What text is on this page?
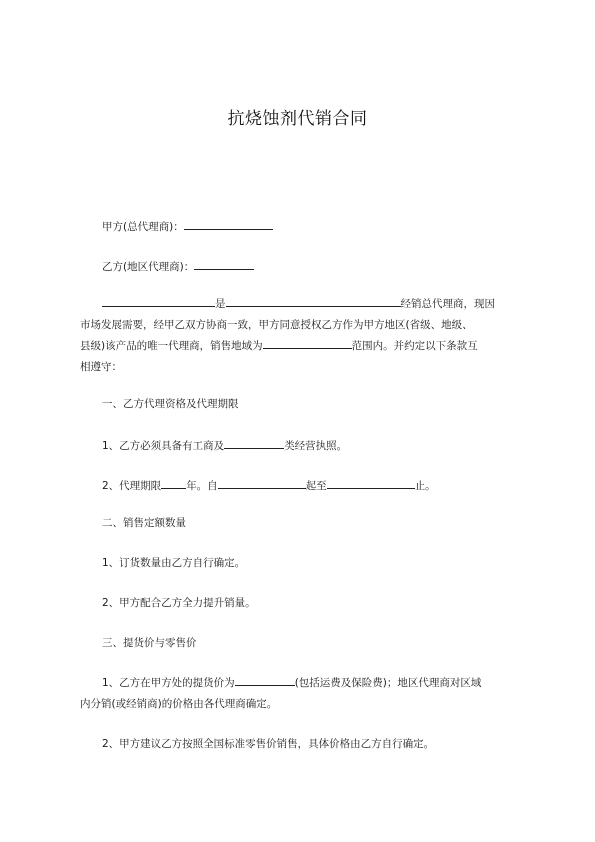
抗烧蚀剂代销合同
甲方(总代理商)：
乙方(地区代理商)：
是	经销总代理商，现因
市场发展需要，经甲乙双方协商一致，甲方同意授权乙方作为甲方地区(省级、地级、
县级)该产品的唯一代理商，销售地域为	范围内。并约定以下条款互
相遵守：
一、乙方代理资格及代理期限
1、乙方必须具备有工商及	类经营执照。
2、代理期限 年。自	起至	止。
二、销售定额数量
1、订货数量由乙方自行确定。
2、甲方配合乙方全力提升销量。
三、提货价与零售价
1、乙方在甲方处的提货价为	(包括运费及保险费)；地区代理商对区域
内分销(或经销商)的价格由各代理商确定。
2、甲方建议乙方按照全国标准零售价销售，具体价格由乙方自行确定。
